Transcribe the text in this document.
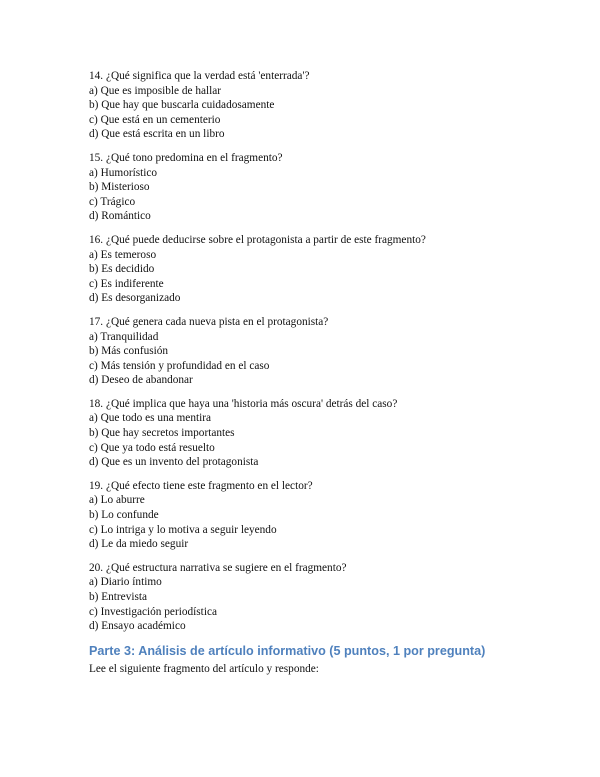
14. ¿Qué significa que la verdad está 'enterrada'?
a) Que es imposible de hallar
b) Que hay que buscarla cuidadosamente
c) Que está en un cementerio
d) Que está escrita en un libro
15. ¿Qué tono predomina en el fragmento?
a) Humorístico
b) Misterioso
c) Trágico
d) Romántico
16. ¿Qué puede deducirse sobre el protagonista a partir de este fragmento?
a) Es temeroso
b) Es decidido
c) Es indiferente
d) Es desorganizado
17. ¿Qué genera cada nueva pista en el protagonista?
a) Tranquilidad
b) Más confusión
c) Más tensión y profundidad en el caso
d) Deseo de abandonar
18. ¿Qué implica que haya una 'historia más oscura' detrás del caso?
a) Que todo es una mentira
b) Que hay secretos importantes
c) Que ya todo está resuelto
d) Que es un invento del protagonista
19. ¿Qué efecto tiene este fragmento en el lector?
a) Lo aburre
b) Lo confunde
c) Lo intriga y lo motiva a seguir leyendo
d) Le da miedo seguir
20. ¿Qué estructura narrativa se sugiere en el fragmento?
a) Diario íntimo
b) Entrevista
c) Investigación periodística
d) Ensayo académico
Parte 3: Análisis de artículo informativo (5 puntos, 1 por pregunta)
Lee el siguiente fragmento del artículo y responde:
